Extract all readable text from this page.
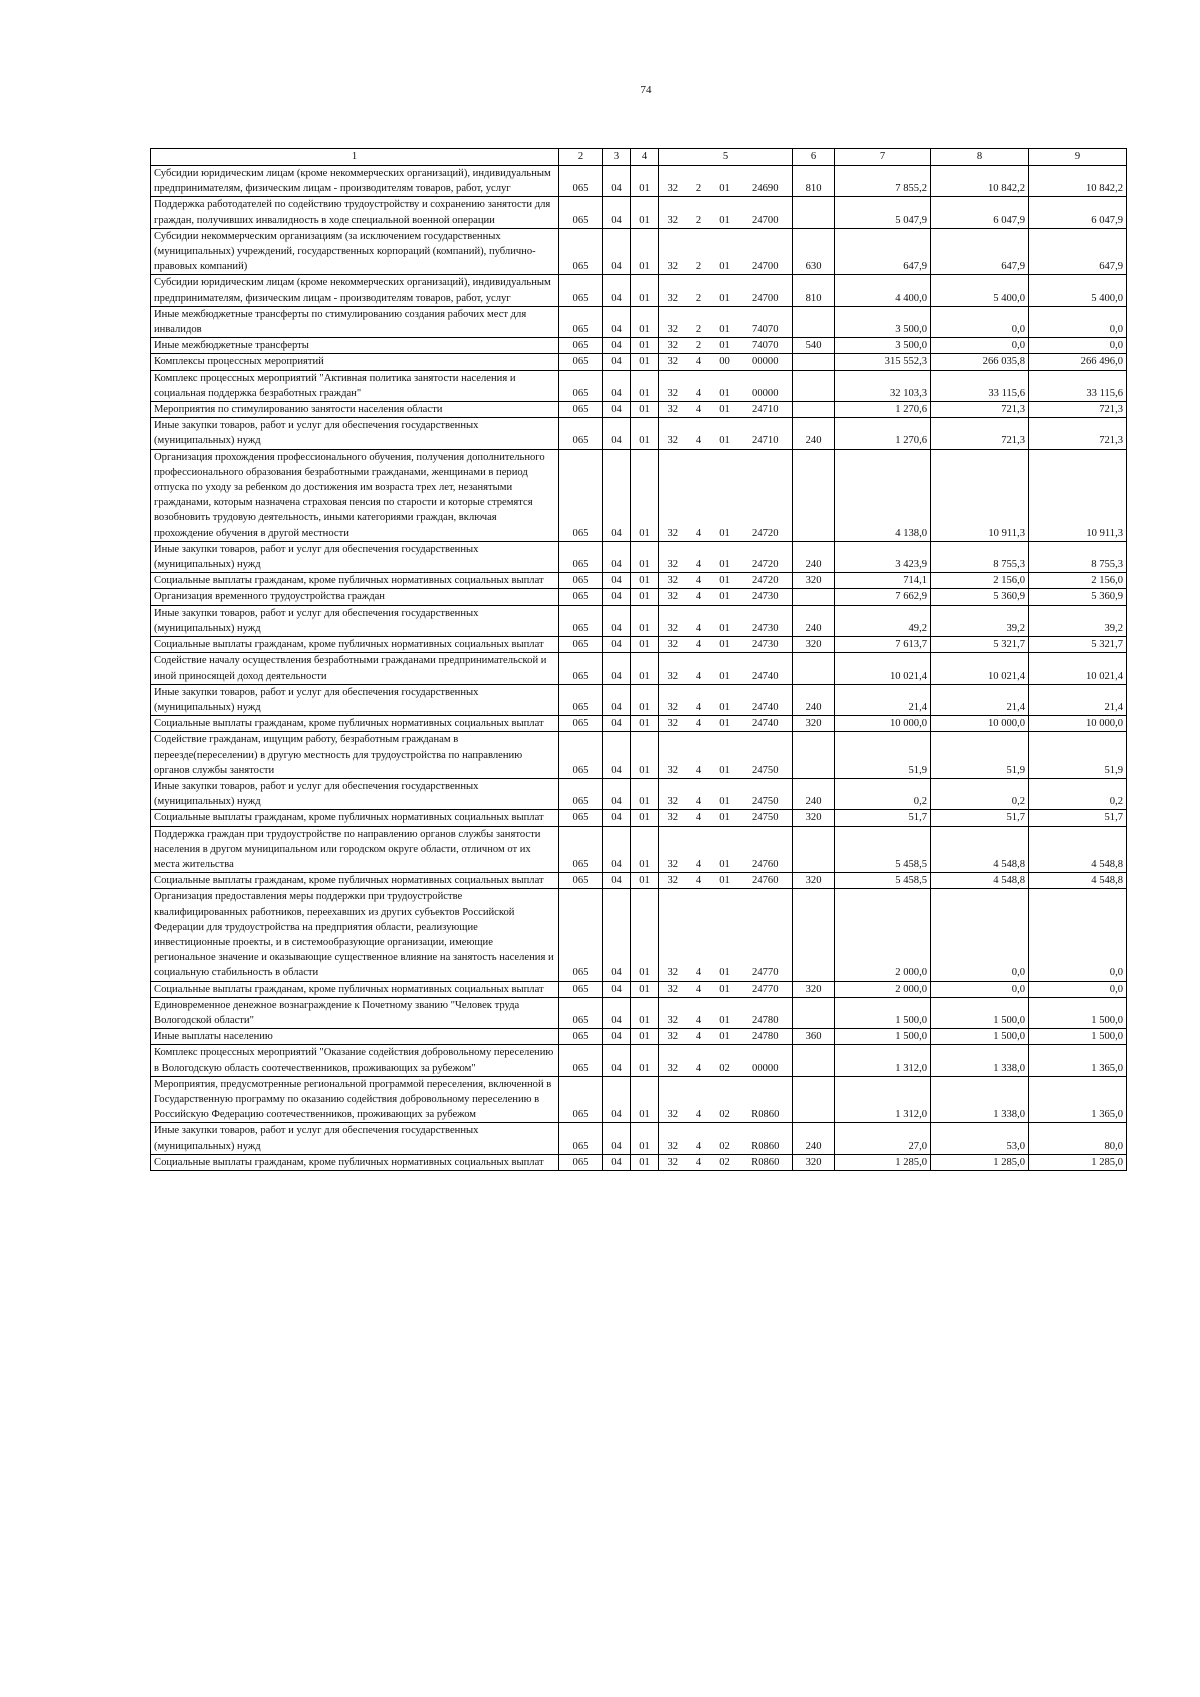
74
1	2	3	4	5				6	7	8	9
Субсидии юридическим лицам (кроме некоммерческих организаций), индивидуальным предпринимателям, физическим лицам - производителям товаров, работ, услуг	065	04	01	32	2	01	24690	810	7 855,2	10 842,2	10 842,2
Поддержка работодателей по содействию трудоустройству и сохранению занятости для граждан, получивших инвалидность в ходе специальной военной операции	065	04	01	32	2	01	24700		5 047,9	6 047,9	6 047,9
Субсидии некоммерческим организациям (за исключением государственных (муниципальных) учреждений, государственных корпораций (компаний), публично-правовых компаний)	065	04	01	32	2	01	24700	630	647,9	647,9	647,9
Субсидии юридическим лицам (кроме некоммерческих организаций), индивидуальным предпринимателям, физическим лицам - производителям товаров, работ, услуг	065	04	01	32	2	01	24700	810	4 400,0	5 400,0	5 400,0
Иные межбюджетные трансферты по стимулированию создания рабочих мест для инвалидов	065	04	01	32	2	01	74070		3 500,0	0,0	0,0
Иные межбюджетные трансферты	065	04	01	32	2	01	74070	540	3 500,0	0,0	0,0
Комплексы процессных мероприятий	065	04	01	32	4	00	00000		315 552,3	266 035,8	266 496,0
Комплекс процессных мероприятий "Активная политика занятости населения и социальная поддержка безработных граждан"	065	04	01	32	4	01	00000		32 103,3	33 115,6	33 115,6
Мероприятия по стимулированию занятости населения области	065	04	01	32	4	01	24710		1 270,6	721,3	721,3
Иные закупки товаров, работ и услуг для обеспечения государственных (муниципальных) нужд	065	04	01	32	4	01	24710	240	1 270,6	721,3	721,3
Организация прохождения профессионального обучения, получения дополнительного профессионального образования безработными гражданами, женщинами в период отпуска по уходу за ребенком до достижения им возраста трех лет, незанятыми гражданами, которым назначена страховая пенсия по старости и которые стремятся возобновить трудовую деятельность, иными категориями граждан, включая прохождение обучения в другой местности	065	04	01	32	4	01	24720		4 138,0	10 911,3	10 911,3
Иные закупки товаров, работ и услуг для обеспечения государственных (муниципальных) нужд	065	04	01	32	4	01	24720	240	3 423,9	8 755,3	8 755,3
Социальные выплаты гражданам, кроме публичных нормативных социальных выплат	065	04	01	32	4	01	24720	320	714,1	2 156,0	2 156,0
Организация временного трудоустройства граждан	065	04	01	32	4	01	24730		7 662,9	5 360,9	5 360,9
Иные закупки товаров, работ и услуг для обеспечения государственных (муниципальных) нужд	065	04	01	32	4	01	24730	240	49,2	39,2	39,2
Социальные выплаты гражданам, кроме публичных нормативных социальных выплат	065	04	01	32	4	01	24730	320	7 613,7	5 321,7	5 321,7
Содействие началу осуществления безработными гражданами предпринимательской и иной приносящей доход деятельности	065	04	01	32	4	01	24740		10 021,4	10 021,4	10 021,4
Иные закупки товаров, работ и услуг для обеспечения государственных (муниципальных) нужд	065	04	01	32	4	01	24740	240	21,4	21,4	21,4
Социальные выплаты гражданам, кроме публичных нормативных социальных выплат	065	04	01	32	4	01	24740	320	10 000,0	10 000,0	10 000,0
Содействие гражданам, ищущим работу, безработным гражданам в переезде(переселении) в другую местность для трудоустройства по направлению органов службы занятости	065	04	01	32	4	01	24750		51,9	51,9	51,9
Иные закупки товаров, работ и услуг для обеспечения государственных (муниципальных) нужд	065	04	01	32	4	01	24750	240	0,2	0,2	0,2
Социальные выплаты гражданам, кроме публичных нормативных социальных выплат	065	04	01	32	4	01	24750	320	51,7	51,7	51,7
Поддержка граждан при трудоустройстве по направлению органов службы занятости населения в другом муниципальном или городском округе области, отличном от их места жительства	065	04	01	32	4	01	24760		5 458,5	4 548,8	4 548,8
Социальные выплаты гражданам, кроме публичных нормативных социальных выплат	065	04	01	32	4	01	24760	320	5 458,5	4 548,8	4 548,8
Организация предоставления меры поддержки при трудоустройстве квалифицированных работников, переехавших из других субъектов Российской Федерации для трудоустройства на предприятия области, реализующие инвестиционные проекты, и в системообразующие организации, имеющие региональное значение и оказывающие существенное влияние на занятость населения и социальную стабильность в области	065	04	01	32	4	01	24770		2 000,0	0,0	0,0
Социальные выплаты гражданам, кроме публичных нормативных социальных выплат	065	04	01	32	4	01	24770	320	2 000,0	0,0	0,0
Единовременное денежное вознаграждение к Почетному званию "Человек труда Вологодской области"	065	04	01	32	4	01	24780		1 500,0	1 500,0	1 500,0
Иные выплаты населению	065	04	01	32	4	01	24780	360	1 500,0	1 500,0	1 500,0
Комплекс процессных мероприятий "Оказание содействия добровольному переселению в Вологодскую область соотечественников, проживающих за рубежом"	065	04	01	32	4	02	00000		1 312,0	1 338,0	1 365,0
Мероприятия, предусмотренные региональной программой переселения, включенной в Государственную программу по оказанию содействия добровольному переселению в Российскую Федерацию соотечественников, проживающих за рубежом	065	04	01	32	4	02	R0860		1 312,0	1 338,0	1 365,0
Иные закупки товаров, работ и услуг для обеспечения государственных (муниципальных) нужд	065	04	01	32	4	02	R0860	240	27,0	53,0	80,0
Социальные выплаты гражданам, кроме публичных нормативных социальных выплат	065	04	01	32	4	02	R0860	320	1 285,0	1 285,0	1 285,0
